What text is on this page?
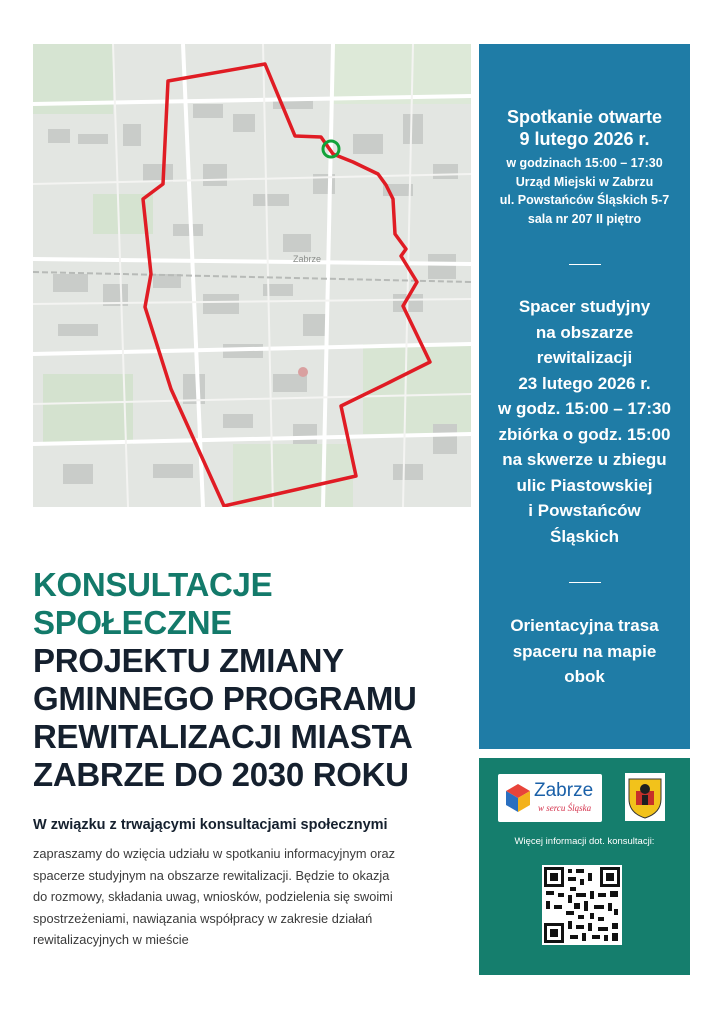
Zabrze
Spotkanie otwarte
9 lutego 2026 r.
w godzinach 15:00 – 17:30
Urząd Miejski w Zabrzu
ul. Powstańców Śląskich 5-7
sala nr 207 II piętro
Spacer studyjny
na obszarze
rewitalizacji
23 lutego 2026 r.
w godz. 15:00 – 17:30
zbiórka o godz. 15:00
na skwerze u zbiegu
ulic Piastowskiej
i Powstańców
Śląskich
Orientacyjna trasa
spaceru na mapie
obok
Zabrze
w sercu Śląska
Więcej informacji dot. konsultacji:
KONSULTACJE SPOŁECZNE
PROJEKTU ZMIANY
GMINNEGO PROGRAMU
REWITALIZACJI MIASTA
ZABRZE DO 2030 ROKU
W związku z trwającymi konsultacjami społecznymi
zapraszamy do wzięcia udziału w spotkaniu informacyjnym oraz
spacerze studyjnym na obszarze rewitalizacji. Będzie to okazja
do rozmowy, składania uwag, wniosków, podzielenia się swoimi
spostrzeżeniami, nawiązania współpracy w zakresie działań
rewitalizacyjnych w mieście
